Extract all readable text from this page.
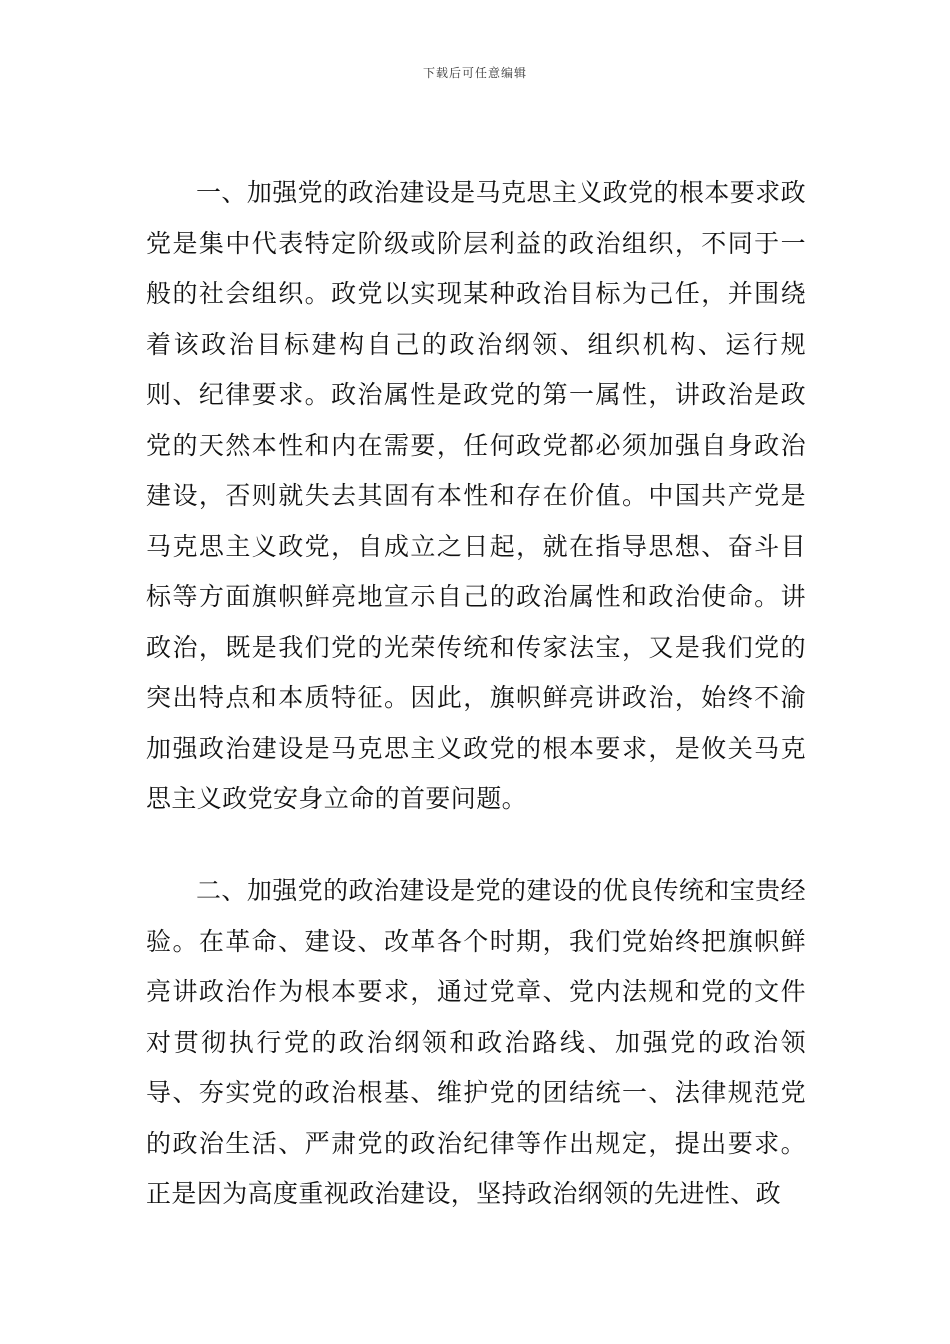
下载后可任意编辑

一、加强党的政治建设是马克思主义政党的根本要求政党是集中代表特定阶级或阶层利益的政治组织，不同于一般的社会组织。政党以实现某种政治目标为己任，并围绕着该政治目标建构自己的政治纲领、组织机构、运行规则、纪律要求。政治属性是政党的第一属性，讲政治是政党的天然本性和内在需要，任何政党都必须加强自身政治建设，否则就失去其固有本性和存在价值。中国共产党是马克思主义政党，自成立之日起，就在指导思想、奋斗目标等方面旗帜鲜亮地宣示自己的政治属性和政治使命。讲政治，既是我们党的光荣传统和传家法宝，又是我们党的突出特点和本质特征。因此，旗帜鲜亮讲政治，始终不渝加强政治建设是马克思主义政党的根本要求，是攸关马克思主义政党安身立命的首要问题。

二、加强党的政治建设是党的建设的优良传统和宝贵经验。在革命、建设、改革各个时期，我们党始终把旗帜鲜亮讲政治作为根本要求，通过党章、党内法规和党的文件对贯彻执行党的政治纲领和政治路线、加强党的政治领导、夯实党的政治根基、维护党的团结统一、法律规范党的政治生活、严肃党的政治纪律等作出规定，提出要求。正是因为高度重视政治建设，坚持政治纲领的先进性、政
